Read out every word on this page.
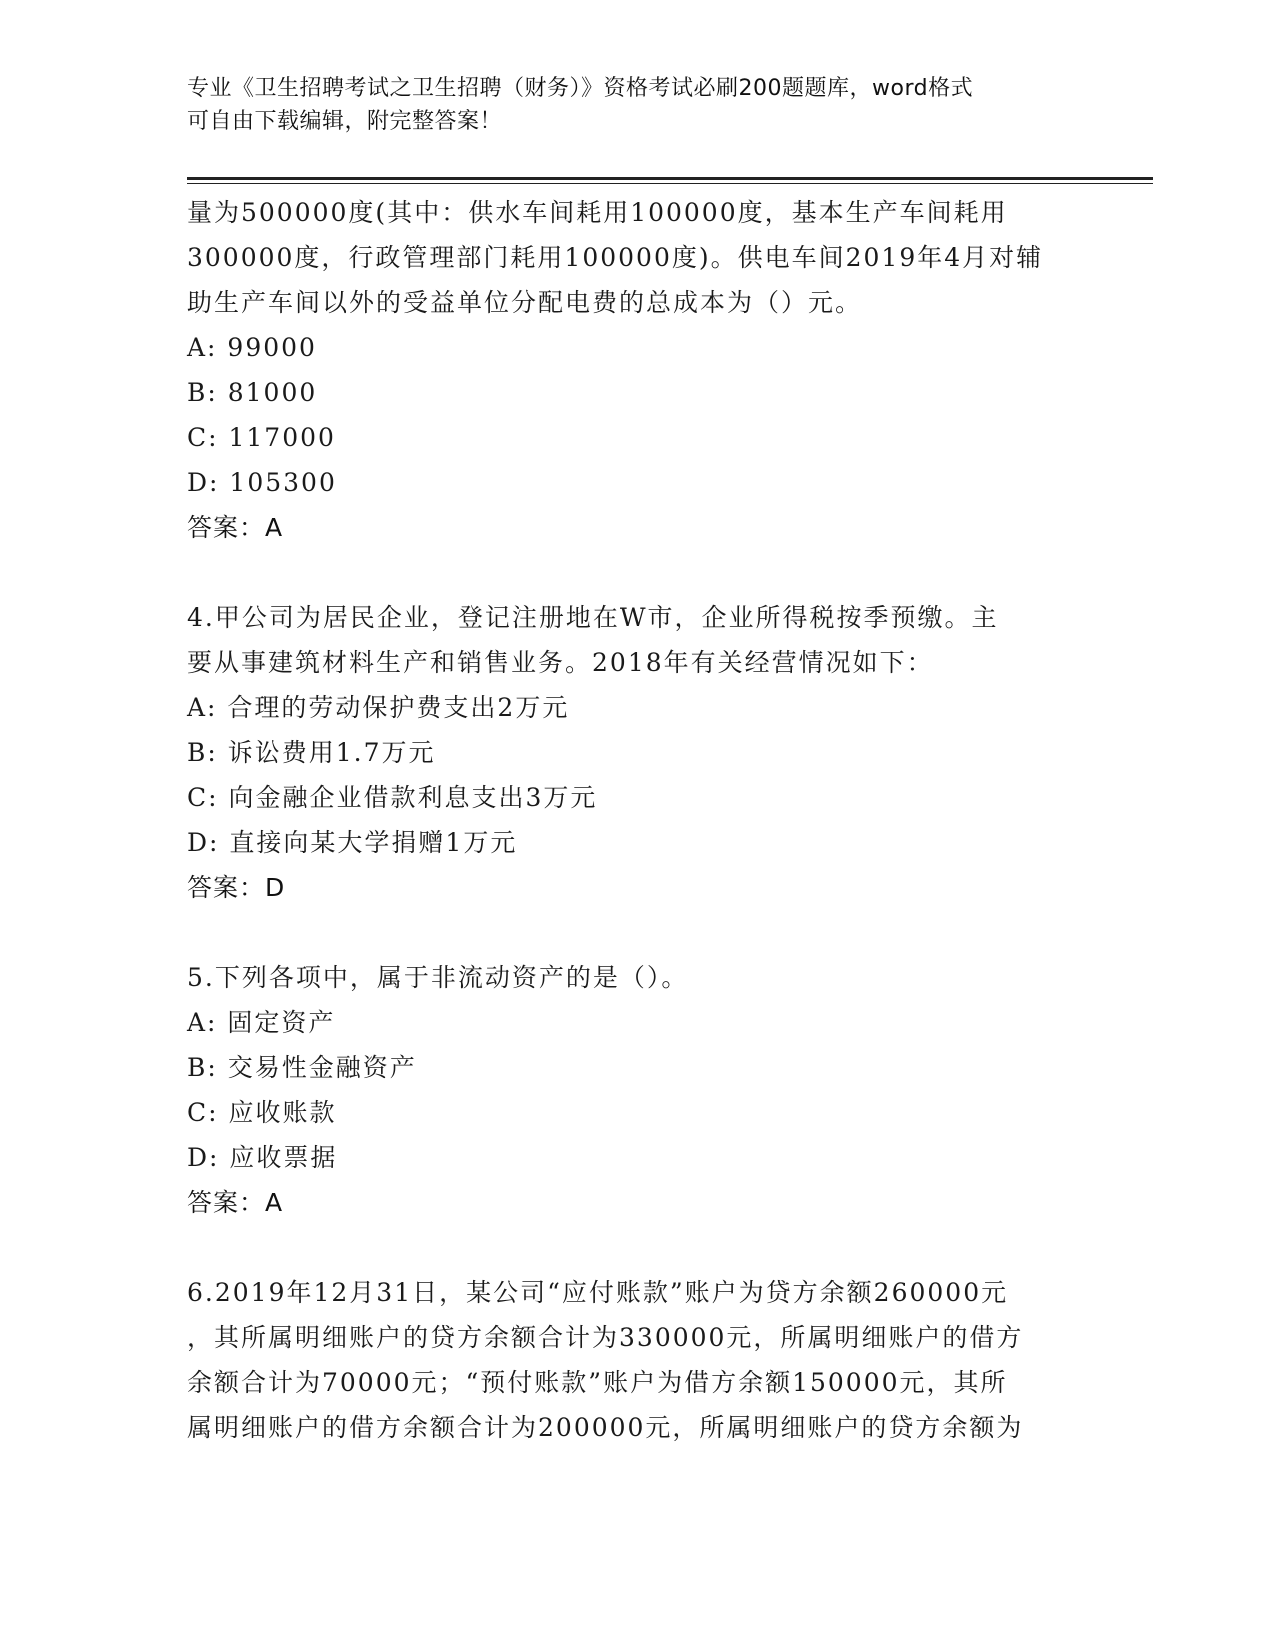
专业《卫生招聘考试之卫生招聘（财务）》资格考试必刷200题题库，word格式
可自由下载编辑，附完整答案！
量为500000度(其中：供水车间耗用100000度，基本生产车间耗用
300000度，行政管理部门耗用100000度)。供电车间2019年4月对辅
助生产车间以外的受益单位分配电费的总成本为（）元。
A: 99000
B: 81000
C: 117000
D: 105300
答案：A
4.甲公司为居民企业，登记注册地在W市，企业所得税按季预缴。主
要从事建筑材料生产和销售业务。2018年有关经营情况如下：
A: 合理的劳动保护费支出2万元
B: 诉讼费用1.7万元
C: 向金融企业借款利息支出3万元
D: 直接向某大学捐赠1万元
答案：D
5.下列各项中，属于非流动资产的是（）。
A: 固定资产
B: 交易性金融资产
C: 应收账款
D: 应收票据
答案：A
6.2019年12月31日，某公司“应付账款”账户为贷方余额260000元
，其所属明细账户的贷方余额合计为330000元，所属明细账户的借方
余额合计为70000元；“预付账款”账户为借方余额150000元，其所
属明细账户的借方余额合计为200000元，所属明细账户的贷方余额为
